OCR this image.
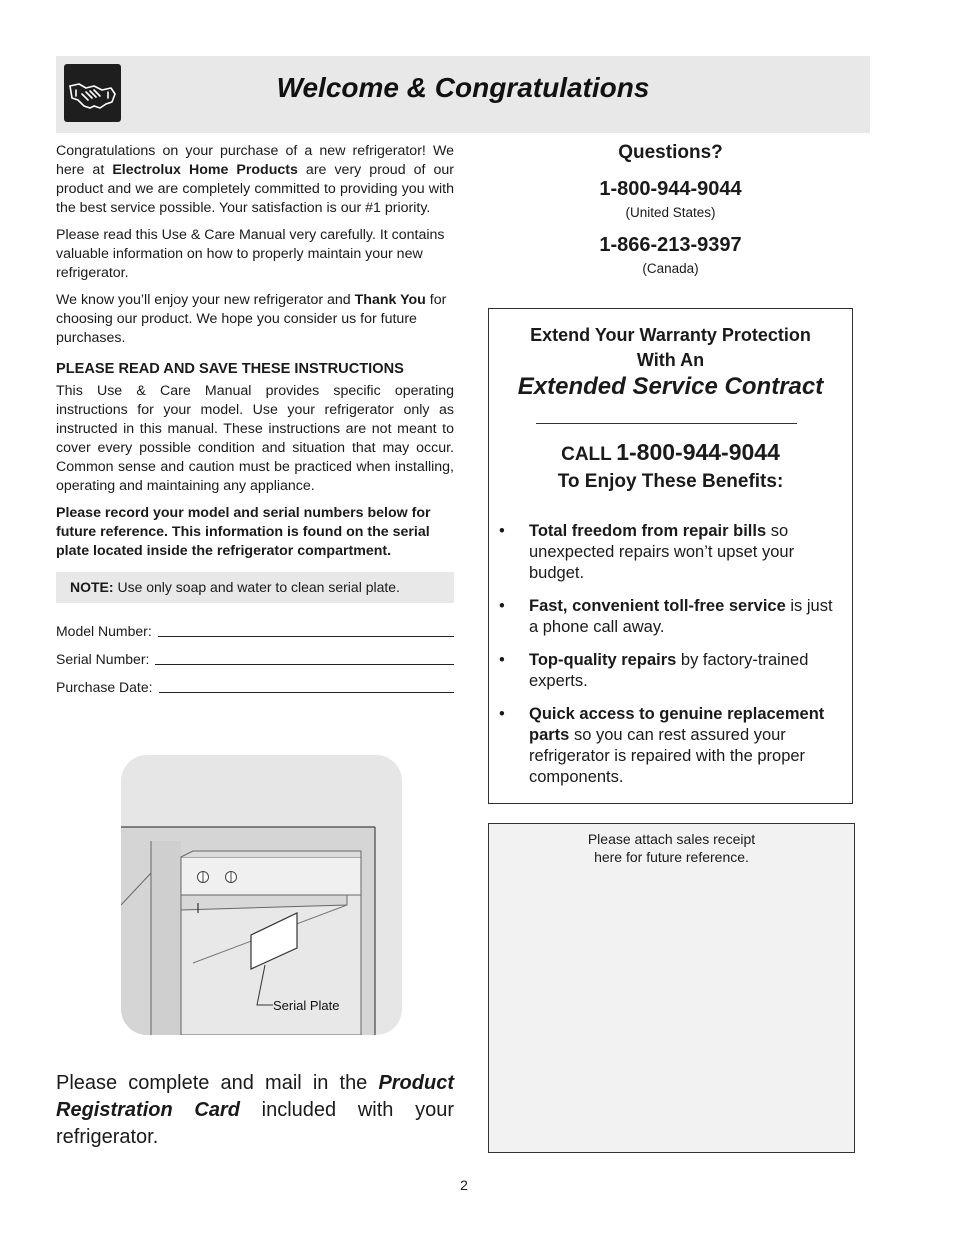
Welcome & Congratulations

Congratulations on your purchase of a new refrigerator! We here at Electrolux Home Products are very proud of our product and we are completely committed to providing you with the best service possible. Your satisfaction is our #1 priority.

Please read this Use & Care Manual very carefully. It contains valuable information on how to properly maintain your new refrigerator.

We know you’ll enjoy your new refrigerator and Thank You for choosing our product. We hope you consider us for future purchases.

PLEASE READ AND SAVE THESE INSTRUCTIONS

This Use & Care Manual provides specific operating instructions for your model. Use your refrigerator only as instructed in this manual. These instructions are not meant to cover every possible condition and situation that may occur. Common sense and caution must be practiced when installing, operating and maintaining any appliance.

Please record your model and serial numbers below for future reference. This information is found on the serial plate located inside the refrigerator compartment.

NOTE: Use only soap and water to clean serial plate.
Model Number:
Serial Number:
Purchase Date:
Serial Plate
Please complete and mail in the Product Registration Card included with your refrigerator.
Questions?
1-800-944-9044
(United States)
1-866-213-9397
(Canada)
Extend Your Warranty Protection
With An
Extended Service Contract
CALL 1-800-944-9044
To Enjoy These Benefits:
• Total freedom from repair bills so unexpected repairs won’t upset your budget.
• Fast, convenient toll-free service is just a phone call away.
• Top-quality repairs by factory-trained experts.
• Quick access to genuine replacement parts so you can rest assured your refrigerator is repaired with the proper components.
Please attach sales receipt
here for future reference.
2
